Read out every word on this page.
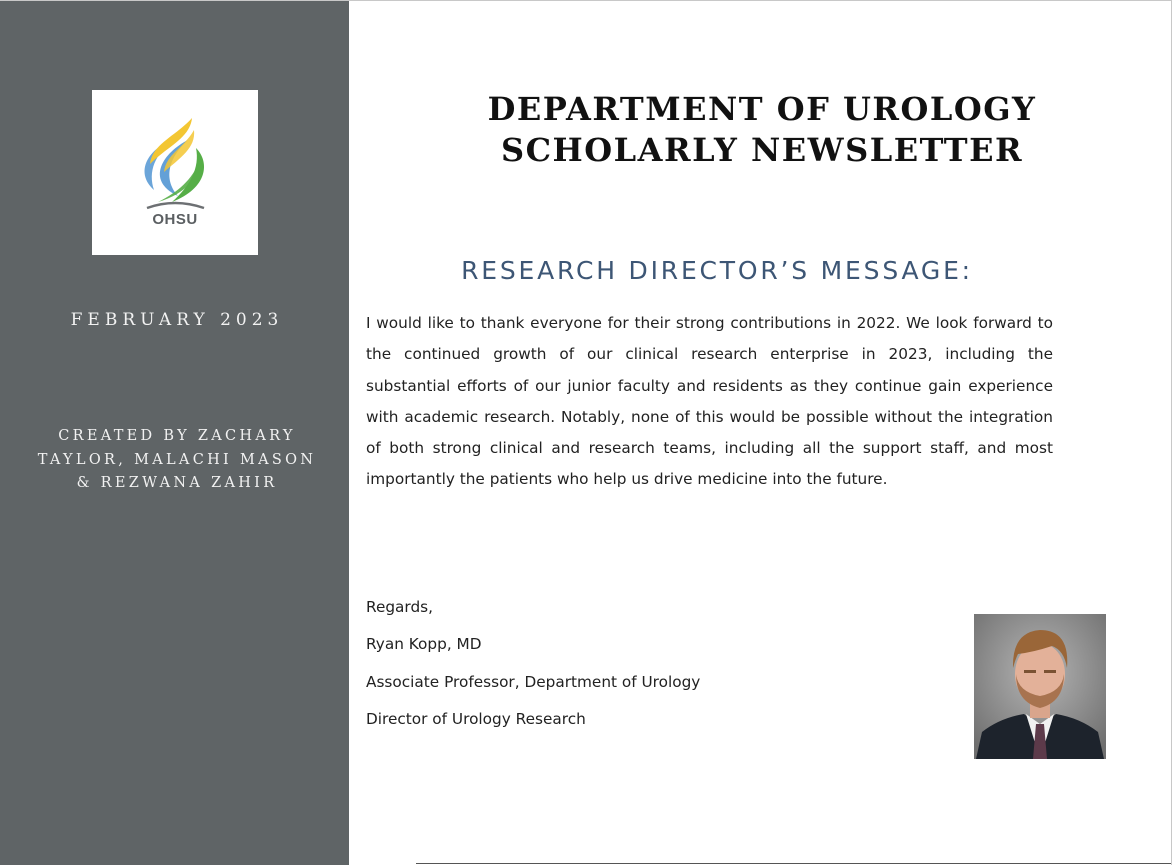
OHSU
FEBRUARY 2023
CREATED BY ZACHARY
TAYLOR, MALACHI MASON
& REZWANA ZAHIR
DEPARTMENT OF UROLOGY
SCHOLARLY NEWSLETTER
RESEARCH DIRECTOR’S MESSAGE:

I would like to thank everyone for their strong contributions in 2022. We look forward to the continued growth of our clinical research enterprise in 2023, including the substantial efforts of our junior faculty and residents as they continue gain experience with academic research. Notably, none of this would be possible without the integration of both strong clinical and research teams, including all the support staff, and most importantly the patients who help us drive medicine into the future.

Regards,
Ryan Kopp, MD
Associate Professor, Department of Urology
Director of Urology Research
